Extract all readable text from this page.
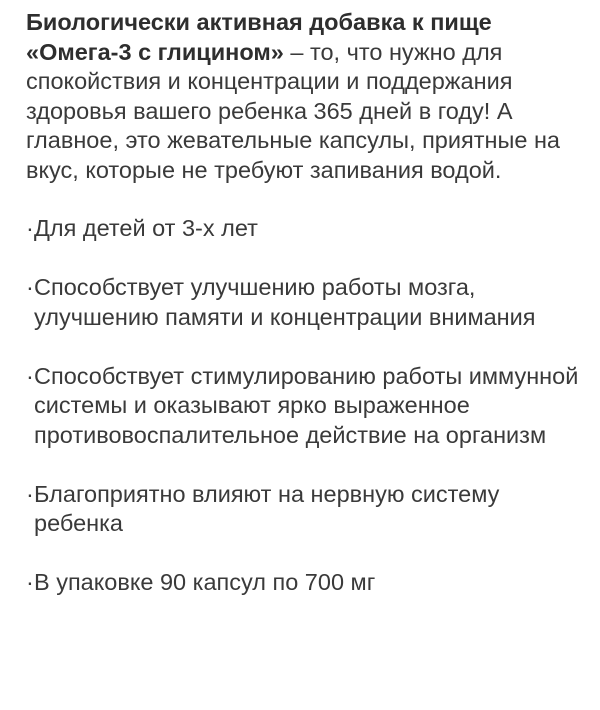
Биологически активная добавка к пище «Омега-3 с глицином» – то, что нужно для спокойствия и концентрации и поддержания здоровья вашего ребенка 365 дней в году! А главное, это жевательные капсулы, приятные на вкус, которые не требуют запивания водой.

· Для детей от 3-х лет
· Способствует улучшению работы мозга, улучшению памяти и концентрации внимания
· Способствует стимулированию работы иммунной системы и оказывают ярко выраженное противовоспалительное действие на организм
· Благоприятно влияют на нервную систему ребенка
· В упаковке 90 капсул по 700 мг
